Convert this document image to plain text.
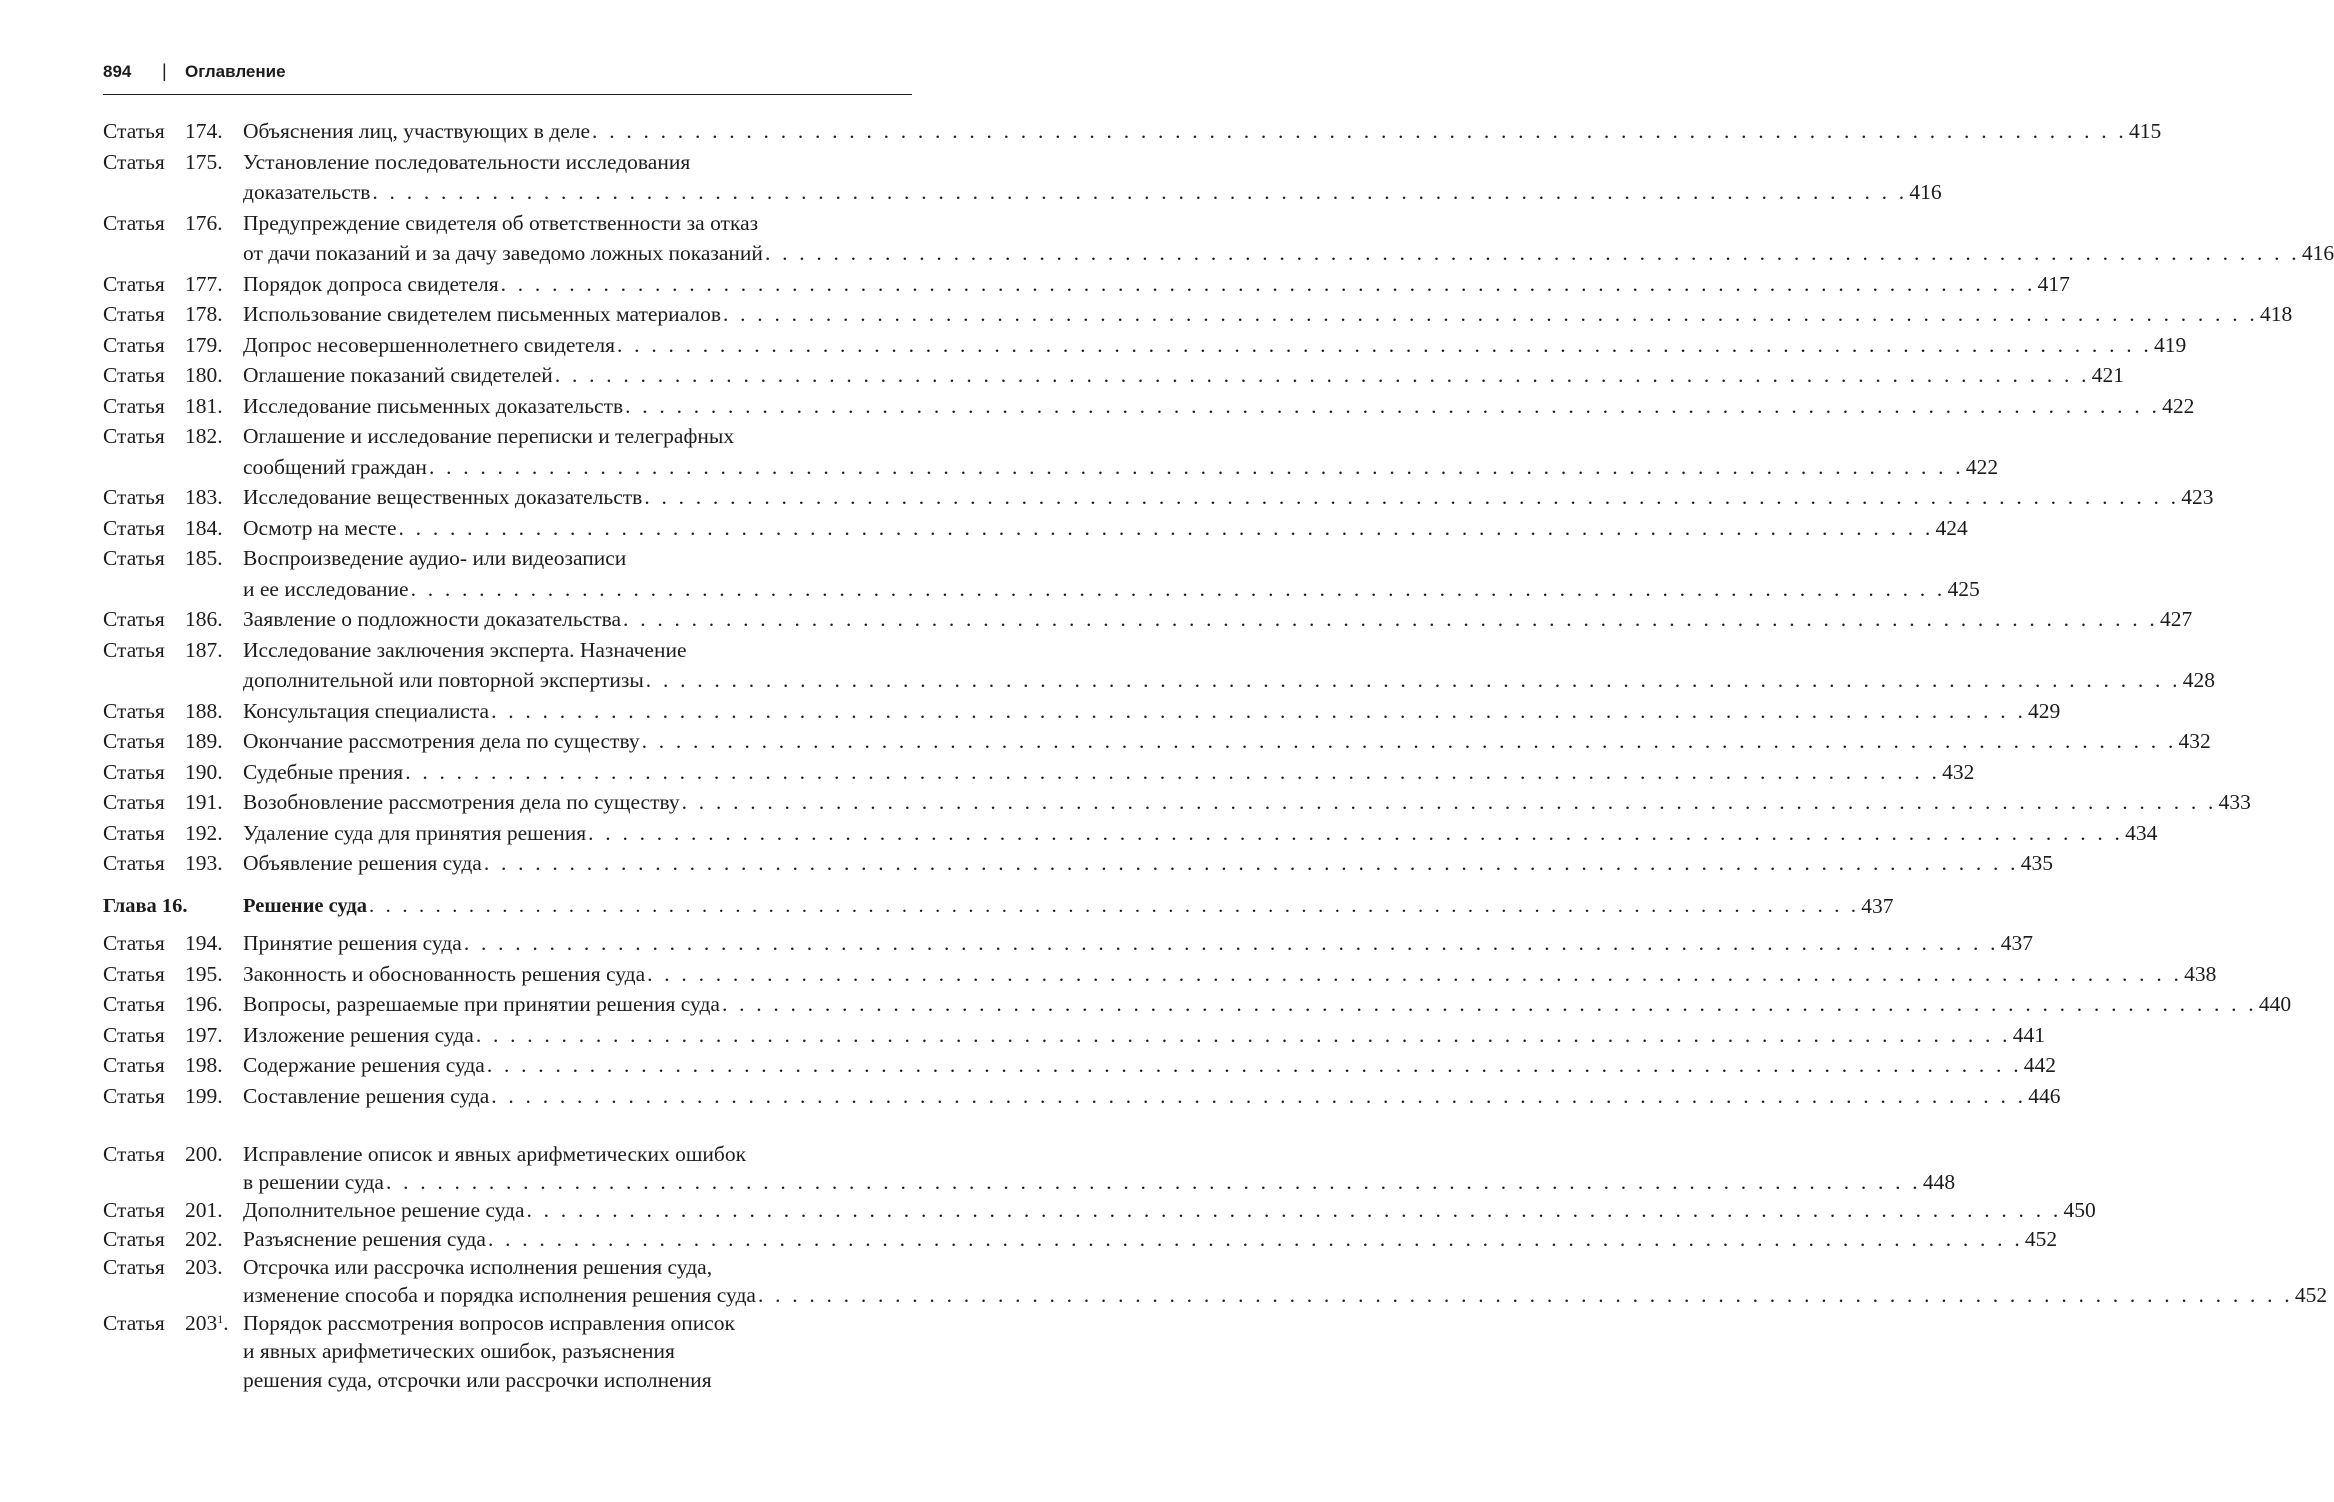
894 | Оглавление
Статья 174. Объяснения лиц, участвующих в деле . . . . . . . . . . . . . . . . . . . . . . . . . . . . . . . . . . . . . . . . . . . . . . . . . . . . . . . . . . . . . . . . . . . . . . . . . . . . . . . . . . . . . . . . . . 415
Статья 175. Установление последовательности исследования
доказательств . . . . . . . . . . . . . . . . . . . . . . . . . . . . . . . . . . . . . . . . . . . . . . . . . . . . . . . . . . . . . . . . . . . . . . . . . . . . . . . . . . . . . . . . . . 416
Статья 176. Предупреждение свидетеля об ответственности за отказ
от дачи показаний и за дачу заведомо ложных показаний . . . . . . . . . . . . . . . . . . . . . . . . . . . . . . . . . . . . . . . . . . . . . . . . . . . . . . . . . . . . . . . . . . . . . . . . . . . . . . . . . . . . . . . . . . 416
Статья 177. Порядок допроса свидетеля . . . . . . . . . . . . . . . . . . . . . . . . . . . . . . . . . . . . . . . . . . . . . . . . . . . . . . . . . . . . . . . . . . . . . . . . . . . . . . . . . . . . . . . . . . 417
Статья 178. Использование свидетелем письменных материалов . . . . . . . . . . . . . . . . . . . . . . . . . . . . . . . . . . . . . . . . . . . . . . . . . . . . . . . . . . . . . . . . . . . . . . . . . . . . . . . . . . . . . . . . . . 418
Статья 179. Допрос несовершеннолетнего свидетеля . . . . . . . . . . . . . . . . . . . . . . . . . . . . . . . . . . . . . . . . . . . . . . . . . . . . . . . . . . . . . . . . . . . . . . . . . . . . . . . . . . . . . . . . . . 419
Статья 180. Оглашение показаний свидетелей . . . . . . . . . . . . . . . . . . . . . . . . . . . . . . . . . . . . . . . . . . . . . . . . . . . . . . . . . . . . . . . . . . . . . . . . . . . . . . . . . . . . . . . . . . 421
Статья 181. Исследование письменных доказательств . . . . . . . . . . . . . . . . . . . . . . . . . . . . . . . . . . . . . . . . . . . . . . . . . . . . . . . . . . . . . . . . . . . . . . . . . . . . . . . . . . . . . . . . . . 422
Статья 182. Оглашение и исследование переписки и телеграфных
сообщений граждан . . . . . . . . . . . . . . . . . . . . . . . . . . . . . . . . . . . . . . . . . . . . . . . . . . . . . . . . . . . . . . . . . . . . . . . . . . . . . . . . . . . . . . . . . . 422
Статья 183. Исследование вещественных доказательств . . . . . . . . . . . . . . . . . . . . . . . . . . . . . . . . . . . . . . . . . . . . . . . . . . . . . . . . . . . . . . . . . . . . . . . . . . . . . . . . . . . . . . . . . . 423
Статья 184. Осмотр на месте . . . . . . . . . . . . . . . . . . . . . . . . . . . . . . . . . . . . . . . . . . . . . . . . . . . . . . . . . . . . . . . . . . . . . . . . . . . . . . . . . . . . . . . . . . 424
Статья 185. Воспроизведение аудио- или видеозаписи
и ее исследование . . . . . . . . . . . . . . . . . . . . . . . . . . . . . . . . . . . . . . . . . . . . . . . . . . . . . . . . . . . . . . . . . . . . . . . . . . . . . . . . . . . . . . . . . . 425
Статья 186. Заявление о подложности доказательства . . . . . . . . . . . . . . . . . . . . . . . . . . . . . . . . . . . . . . . . . . . . . . . . . . . . . . . . . . . . . . . . . . . . . . . . . . . . . . . . . . . . . . . . . . 427
Статья 187. Исследование заключения эксперта. Назначение
дополнительной или повторной экспертизы . . . . . . . . . . . . . . . . . . . . . . . . . . . . . . . . . . . . . . . . . . . . . . . . . . . . . . . . . . . . . . . . . . . . . . . . . . . . . . . . . . . . . . . . . . 428
Статья 188. Консультация специалиста . . . . . . . . . . . . . . . . . . . . . . . . . . . . . . . . . . . . . . . . . . . . . . . . . . . . . . . . . . . . . . . . . . . . . . . . . . . . . . . . . . . . . . . . . . 429
Статья 189. Окончание рассмотрения дела по существу . . . . . . . . . . . . . . . . . . . . . . . . . . . . . . . . . . . . . . . . . . . . . . . . . . . . . . . . . . . . . . . . . . . . . . . . . . . . . . . . . . . . . . . . . . 432
Статья 190. Судебные прения . . . . . . . . . . . . . . . . . . . . . . . . . . . . . . . . . . . . . . . . . . . . . . . . . . . . . . . . . . . . . . . . . . . . . . . . . . . . . . . . . . . . . . . . . . 432
Статья 191. Возобновление рассмотрения дела по существу . . . . . . . . . . . . . . . . . . . . . . . . . . . . . . . . . . . . . . . . . . . . . . . . . . . . . . . . . . . . . . . . . . . . . . . . . . . . . . . . . . . . . . . . . . 433
Статья 192. Удаление суда для принятия решения . . . . . . . . . . . . . . . . . . . . . . . . . . . . . . . . . . . . . . . . . . . . . . . . . . . . . . . . . . . . . . . . . . . . . . . . . . . . . . . . . . . . . . . . . . 434
Статья 193. Объявление решения суда . . . . . . . . . . . . . . . . . . . . . . . . . . . . . . . . . . . . . . . . . . . . . . . . . . . . . . . . . . . . . . . . . . . . . . . . . . . . . . . . . . . . . . . . . . 435
Глава 16.	Решение суда . . . . . . . . . . . . . . . . . . . . . . . . . . . . . . . . . . . . . . . . . . . . . . . . . . . . . . . . . . . . . . . . . . . . . . . . . . . . . . . . . . . . . . . . . . 437
Статья 194. Принятие решения суда . . . . . . . . . . . . . . . . . . . . . . . . . . . . . . . . . . . . . . . . . . . . . . . . . . . . . . . . . . . . . . . . . . . . . . . . . . . . . . . . . . . . . . . . . . 437
Статья 195. Законность и обоснованность решения суда . . . . . . . . . . . . . . . . . . . . . . . . . . . . . . . . . . . . . . . . . . . . . . . . . . . . . . . . . . . . . . . . . . . . . . . . . . . . . . . . . . . . . . . . . . 438
Статья 196. Вопросы, разрешаемые при принятии решения суда . . . . . . . . . . . . . . . . . . . . . . . . . . . . . . . . . . . . . . . . . . . . . . . . . . . . . . . . . . . . . . . . . . . . . . . . . . . . . . . . . . . . . . . . . . 440
Статья 197. Изложение решения суда . . . . . . . . . . . . . . . . . . . . . . . . . . . . . . . . . . . . . . . . . . . . . . . . . . . . . . . . . . . . . . . . . . . . . . . . . . . . . . . . . . . . . . . . . . 441
Статья 198. Содержание решения суда . . . . . . . . . . . . . . . . . . . . . . . . . . . . . . . . . . . . . . . . . . . . . . . . . . . . . . . . . . . . . . . . . . . . . . . . . . . . . . . . . . . . . . . . . . 442
Статья 199. Составление решения суда . . . . . . . . . . . . . . . . . . . . . . . . . . . . . . . . . . . . . . . . . . . . . . . . . . . . . . . . . . . . . . . . . . . . . . . . . . . . . . . . . . . . . . . . . . 446
Статья 200. Исправление описок и явных арифметических ошибок
в решении суда . . . . . . . . . . . . . . . . . . . . . . . . . . . . . . . . . . . . . . . . . . . . . . . . . . . . . . . . . . . . . . . . . . . . . . . . . . . . . . . . . . . . . . . . . . 448
Статья 201. Дополнительное решение суда . . . . . . . . . . . . . . . . . . . . . . . . . . . . . . . . . . . . . . . . . . . . . . . . . . . . . . . . . . . . . . . . . . . . . . . . . . . . . . . . . . . . . . . . . . 450
Статья 202. Разъяснение решения суда . . . . . . . . . . . . . . . . . . . . . . . . . . . . . . . . . . . . . . . . . . . . . . . . . . . . . . . . . . . . . . . . . . . . . . . . . . . . . . . . . . . . . . . . . . 452
Статья 203. Отсрочка или рассрочка исполнения решения суда,
изменение способа и порядка исполнения решения суда . . . . . . . . . . . . . . . . . . . . . . . . . . . . . . . . . . . . . . . . . . . . . . . . . . . . . . . . . . . . . . . . . . . . . . . . . . . . . . . . . . . . . . . . . . 452
Статья $203^1$. Порядок рассмотрения вопросов исправления описок
и явных арифметических ошибок, разъяснения
решения суда, отсрочки или рассрочки исполнения
